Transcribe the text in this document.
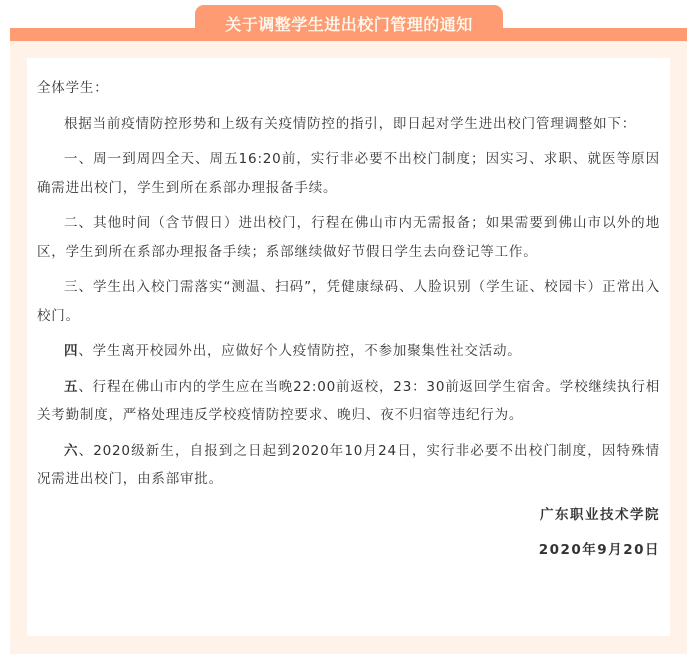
关于调整学生进出校门管理的通知

全体学生：

根据当前疫情防控形势和上级有关疫情防控的指引，即日起对学生进出校门管理调整如下：

一、周一到周四全天、周五16:20前，实行非必要不出校门制度；因实习、求职、就医等原因确需进出校门，学生到所在系部办理报备手续。

二、其他时间（含节假日）进出校门，行程在佛山市内无需报备；如果需要到佛山市以外的地区，学生到所在系部办理报备手续；系部继续做好节假日学生去向登记等工作。

三、学生出入校门需落实“测温、扫码”，凭健康绿码、人脸识别（学生证、校园卡）正常出入校门。

四、学生离开校园外出，应做好个人疫情防控，不参加聚集性社交活动。

五、行程在佛山市内的学生应在当晚22:00前返校，23：30前返回学生宿舍。学校继续执行相关考勤制度，严格处理违反学校疫情防控要求、晚归、夜不归宿等违纪行为。

六、2020级新生，自报到之日起到2020年10月24日，实行非必要不出校门制度，因特殊情况需进出校门，由系部审批。

广东职业技术学院

2020年9月20日
